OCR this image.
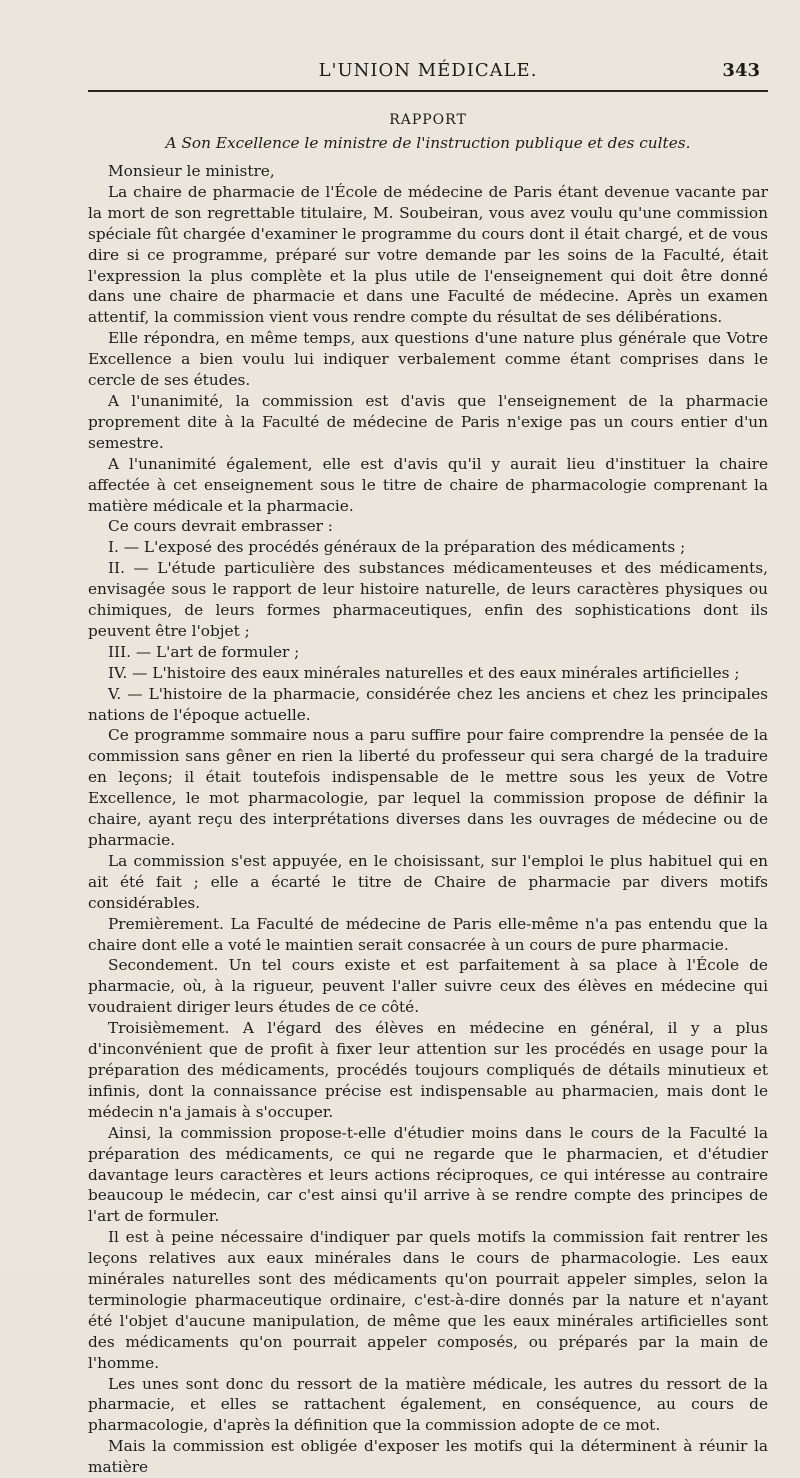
L'UNION MÉDICALE.	343
RAPPORT
A Son Excellence le ministre de l'instruction publique et des cultes.

Monsieur le ministre,

La chaire de pharmacie de l'École de médecine de Paris étant devenue vacante par la mort de son regrettable titulaire, M. Soubeiran, vous avez voulu qu'une commission spéciale fût chargée d'examiner le programme du cours dont il était chargé, et de vous dire si ce programme, préparé sur votre demande par les soins de la Faculté, était l'expression la plus complète et la plus utile de l'enseignement qui doit être donné dans une chaire de pharmacie et dans une Faculté de médecine. Après un examen attentif, la commission vient vous rendre compte du résultat de ses délibérations.

Elle répondra, en même temps, aux questions d'une nature plus générale que Votre Excellence a bien voulu lui indiquer verbalement comme étant comprises dans le cercle de ses études.

A l'unanimité, la commission est d'avis que l'enseignement de la pharmacie proprement dite à la Faculté de médecine de Paris n'exige pas un cours entier d'un semestre.

A l'unanimité également, elle est d'avis qu'il y aurait lieu d'instituer la chaire affectée à cet enseignement sous le titre de chaire de pharmacologie comprenant la matière médicale et la pharmacie.

Ce cours devrait embrasser :

I. — L'exposé des procédés généraux de la préparation des médicaments ;

II. — L'étude particulière des substances médicamenteuses et des médicaments, envisagée sous le rapport de leur histoire naturelle, de leurs caractères physiques ou chimiques, de leurs formes pharmaceutiques, enfin des sophistications dont ils peuvent être l'objet ;

III. — L'art de formuler ;

IV. — L'histoire des eaux minérales naturelles et des eaux minérales artificielles ;

V. — L'histoire de la pharmacie, considérée chez les anciens et chez les principales nations de l'époque actuelle.

Ce programme sommaire nous a paru suffire pour faire comprendre la pensée de la commission sans gêner en rien la liberté du professeur qui sera chargé de la traduire en leçons; il était toutefois indispensable de le mettre sous les yeux de Votre Excellence, le mot pharmacologie, par lequel la commission propose de définir la chaire, ayant reçu des interprétations diverses dans les ouvrages de médecine ou de pharmacie.

La commission s'est appuyée, en le choisissant, sur l'emploi le plus habituel qui en ait été fait ; elle a écarté le titre de Chaire de pharmacie par divers motifs considérables.

Premièrement. La Faculté de médecine de Paris elle-même n'a pas entendu que la chaire dont elle a voté le maintien serait consacrée à un cours de pure pharmacie.

Secondement. Un tel cours existe et est parfaitement à sa place à l'École de pharmacie, où, à la rigueur, peuvent l'aller suivre ceux des élèves en médecine qui voudraient diriger leurs études de ce côté.

Troisièmement. A l'égard des élèves en médecine en général, il y a plus d'inconvénient que de profit à fixer leur attention sur les procédés en usage pour la préparation des médicaments, procédés toujours compliqués de détails minutieux et infinis, dont la connaissance précise est indispensable au pharmacien, mais dont le médecin n'a jamais à s'occuper.

Ainsi, la commission propose-t-elle d'étudier moins dans le cours de la Faculté la préparation des médicaments, ce qui ne regarde que le pharmacien, et d'étudier davantage leurs caractères et leurs actions réciproques, ce qui intéresse au contraire beaucoup le médecin, car c'est ainsi qu'il arrive à se rendre compte des principes de l'art de formuler.

Il est à peine nécessaire d'indiquer par quels motifs la commission fait rentrer les leçons relatives aux eaux minérales dans le cours de pharmacologie. Les eaux minérales naturelles sont des médicaments qu'on pourrait appeler simples, selon la terminologie pharmaceutique ordinaire, c'est-à-dire donnés par la nature et n'ayant été l'objet d'aucune manipulation, de même que les eaux minérales artificielles sont des médicaments qu'on pourrait appeler composés, ou préparés par la main de l'homme.

Les unes sont donc du ressort de la matière médicale, les autres du ressort de la pharmacie, et elles se rattachent également, en conséquence, au cours de pharmacologie, d'après la définition que la commission adopte de ce mot.

Mais la commission est obligée d'exposer les motifs qui la déterminent à réunir la matière
